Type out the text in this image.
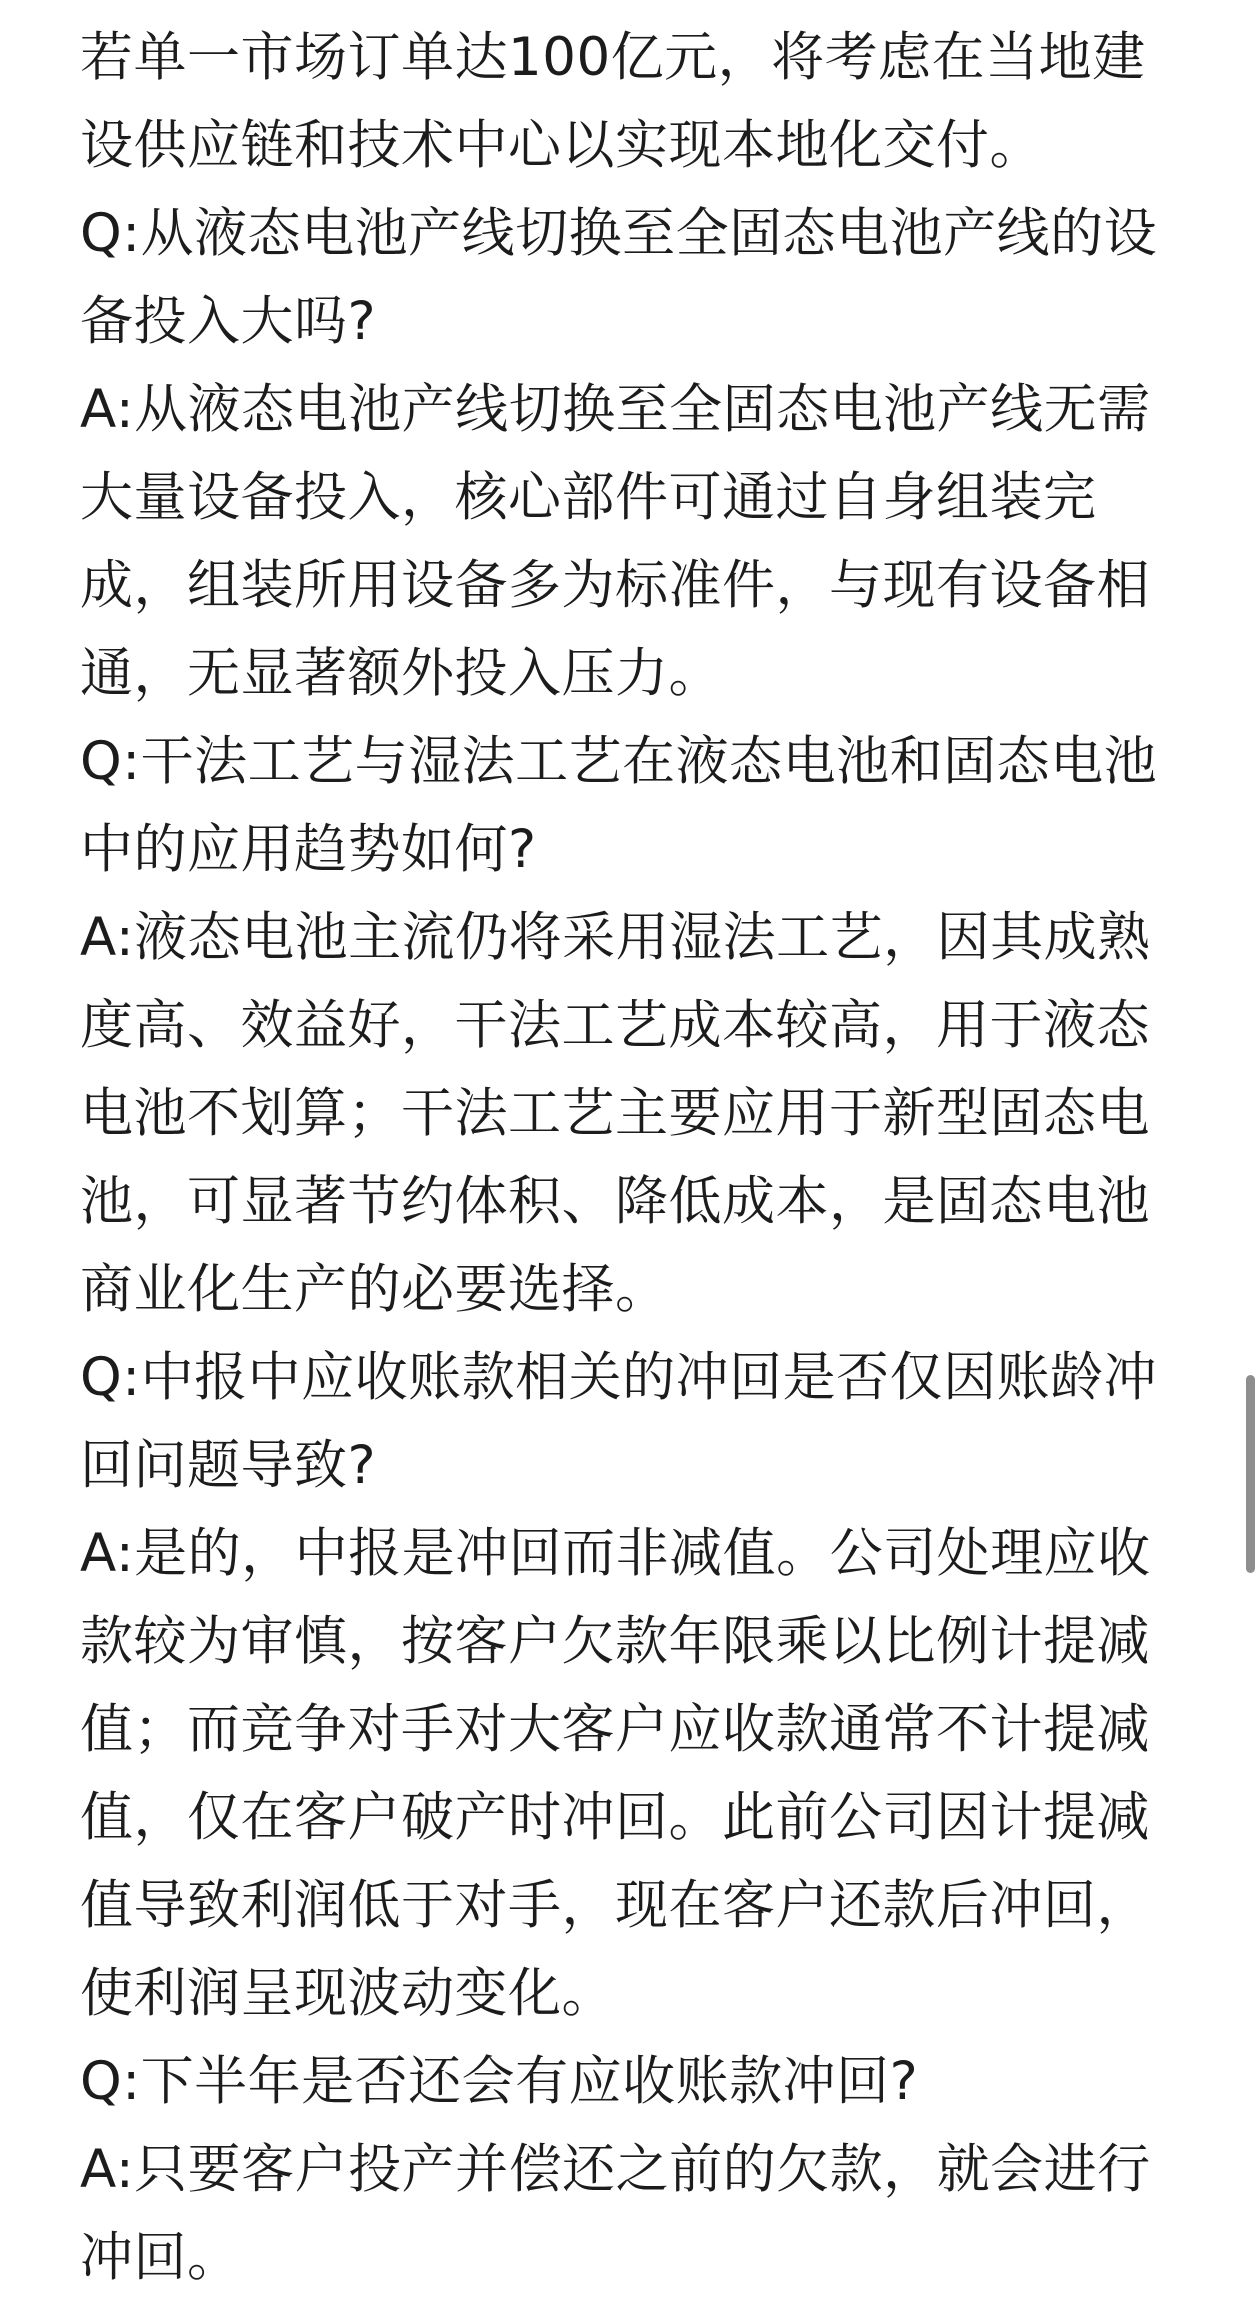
若单一市场订单达100亿元，将考虑在当地建设供应链和技术中心以实现本地化交付。

Q:从液态电池产线切换至全固态电池产线的设备投入大吗?

A:从液态电池产线切换至全固态电池产线无需大量设备投入，核心部件可通过自身组装完成，组装所用设备多为标准件，与现有设备相通，无显著额外投入压力。

Q:干法工艺与湿法工艺在液态电池和固态电池中的应用趋势如何?

A:液态电池主流仍将采用湿法工艺，因其成熟度高、效益好，干法工艺成本较高，用于液态电池不划算；干法工艺主要应用于新型固态电池，可显著节约体积、降低成本，是固态电池商业化生产的必要选择。

Q:中报中应收账款相关的冲回是否仅因账龄冲回问题导致?

A:是的，中报是冲回而非减值。公司处理应收款较为审慎，按客户欠款年限乘以比例计提减值；而竞争对手对大客户应收款通常不计提减值，仅在客户破产时冲回。此前公司因计提减值导致利润低于对手，现在客户还款后冲回，使利润呈现波动变化。

Q:下半年是否还会有应收账款冲回?

A:只要客户投产并偿还之前的欠款，就会进行冲回。
